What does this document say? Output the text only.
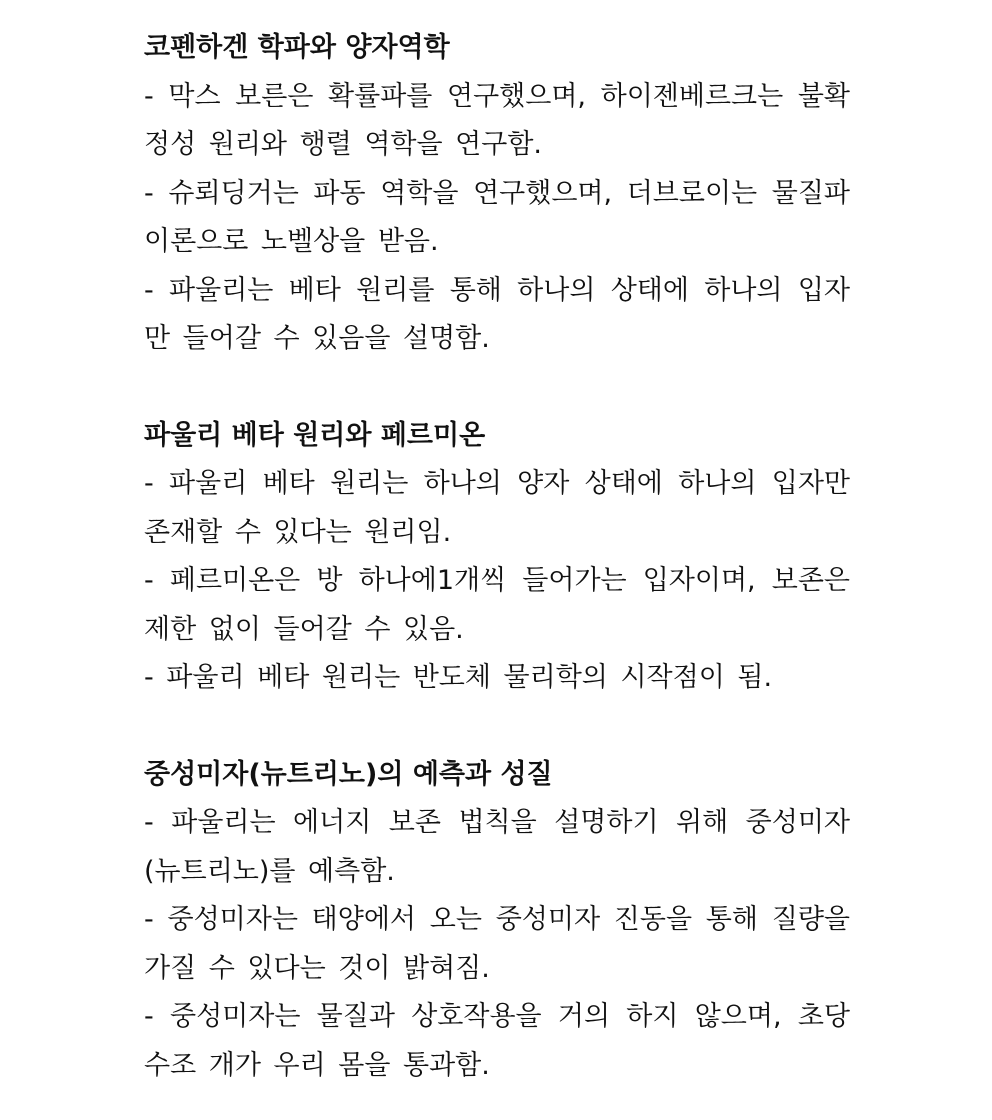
코펜하겐 학파와 양자역학

- 막스 보른은 확률파를 연구했으며, 하이젠베르크는 불확정성 원리와 행렬 역학을 연구함.

- 슈뢰딩거는 파동 역학을 연구했으며, 더브로이는 물질파 이론으로 노벨상을 받음.

- 파울리는 베타 원리를 통해 하나의 상태에 하나의 입자만 들어갈 수 있음을 설명함.

파울리 베타 원리와 페르미온

- 파울리 베타 원리는 하나의 양자 상태에 하나의 입자만 존재할 수 있다는 원리임.

- 페르미온은 방 하나에1개씩 들어가는 입자이며, 보존은 제한 없이 들어갈 수 있음.

- 파울리 베타 원리는 반도체 물리학의 시작점이 됨.

중성미자(뉴트리노)의 예측과 성질

- 파울리는 에너지 보존 법칙을 설명하기 위해 중성미자(뉴트리노)를 예측함.

- 중성미자는 태양에서 오는 중성미자 진동을 통해 질량을 가질 수 있다는 것이 밝혀짐.

- 중성미자는 물질과 상호작용을 거의 하지 않으며, 초당 수조 개가 우리 몸을 통과함.
